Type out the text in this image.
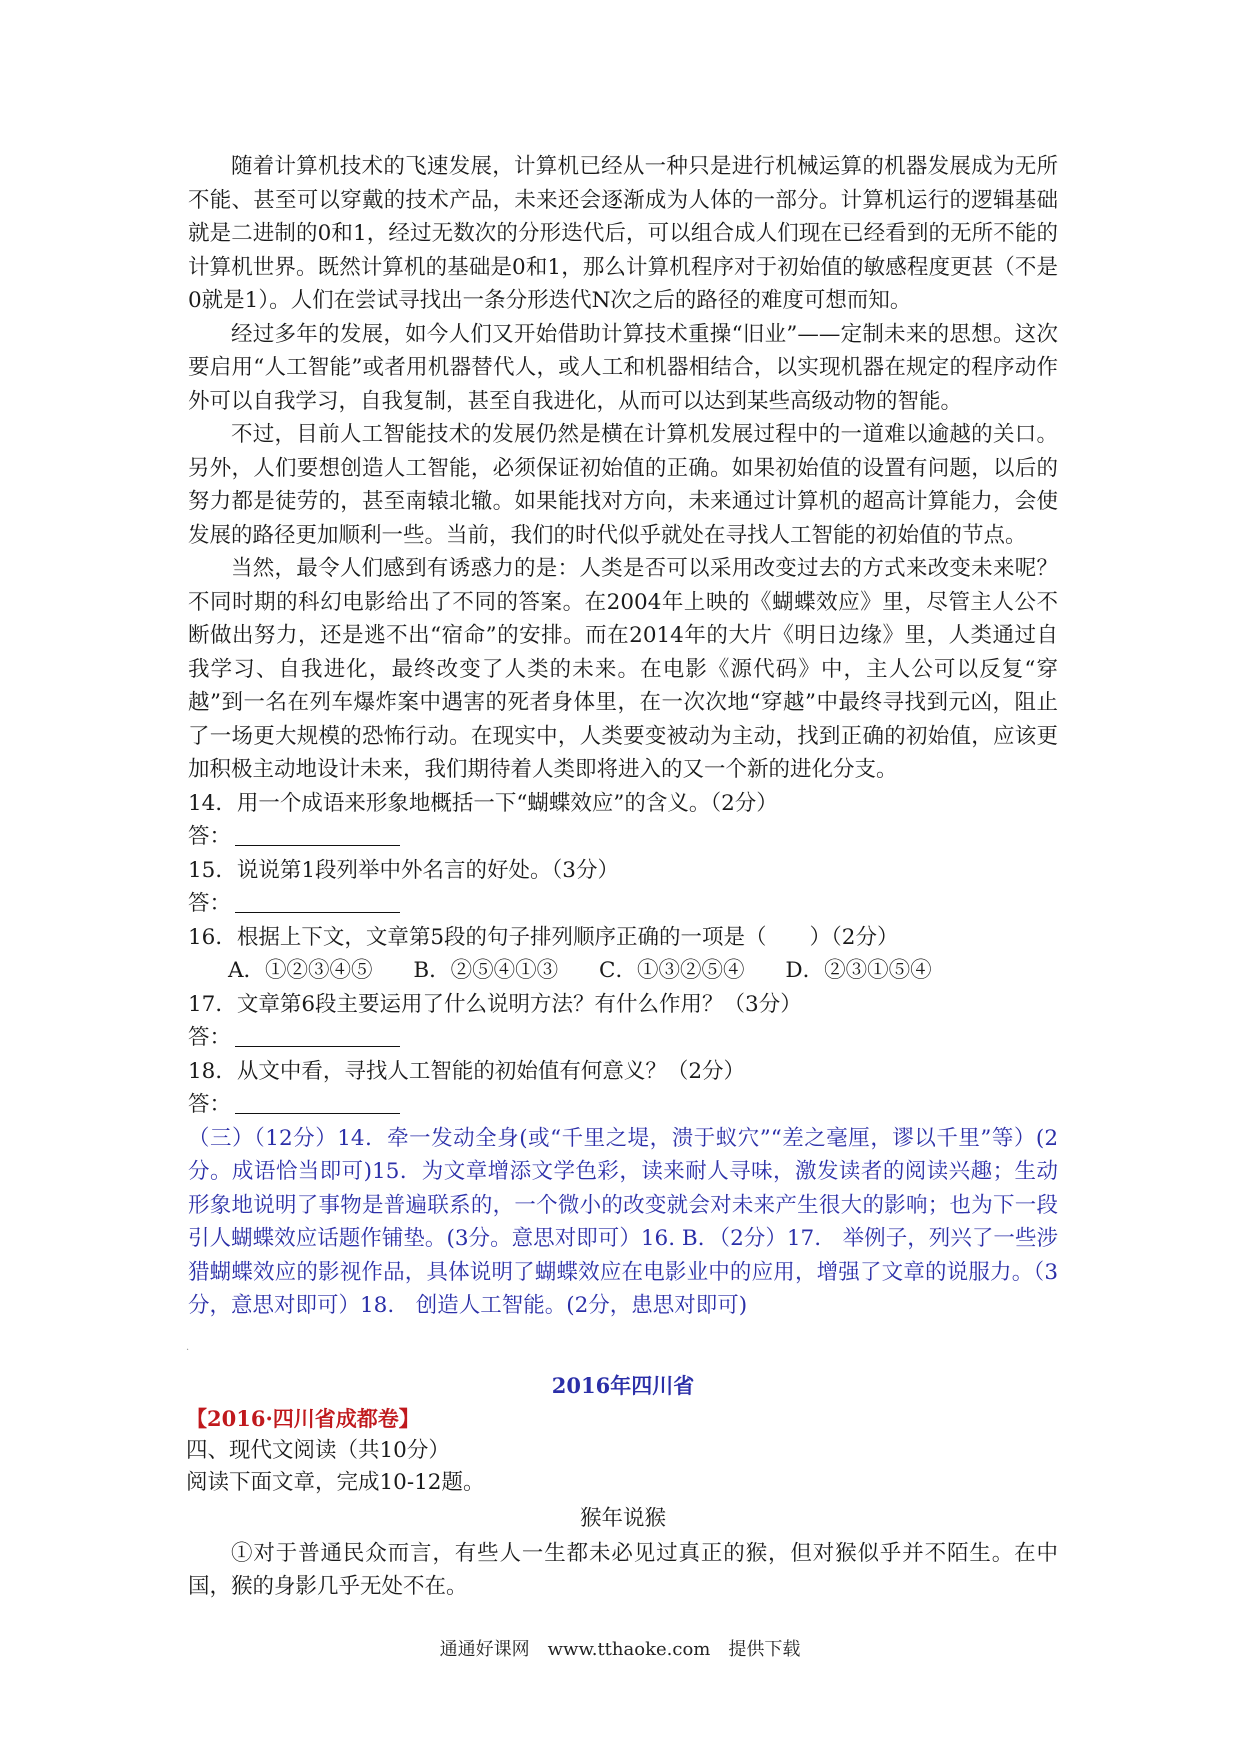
随着计算机技术的飞速发展，计算机已经从一种只是进行机械运算的机器发展成为无所不能、甚至可以穿戴的技术产品，未来还会逐渐成为人体的一部分。计算机运行的逻辑基础就是二进制的0和1，经过无数次的分形迭代后，可以组合成人们现在已经看到的无所不能的计算机世界。既然计算机的基础是0和1，那么计算机程序对于初始值的敏感程度更甚（不是0就是1）。人们在尝试寻找出一条分形迭代N次之后的路径的难度可想而知。

经过多年的发展，如今人们又开始借助计算技术重操“旧业”——定制未来的思想。这次要启用“人工智能”或者用机器替代人，或人工和机器相结合，以实现机器在规定的程序动作外可以自我学习，自我复制，甚至自我进化，从而可以达到某些高级动物的智能。

不过，目前人工智能技术的发展仍然是横在计算机发展过程中的一道难以逾越的关口。另外，人们要想创造人工智能，必须保证初始值的正确。如果初始值的设置有问题，以后的努力都是徒劳的，甚至南辕北辙。如果能找对方向，未来通过计算机的超高计算能力，会使发展的路径更加顺利一些。当前，我们的时代似乎就处在寻找人工智能的初始值的节点。

当然，最令人们感到有诱惑力的是：人类是否可以采用改变过去的方式来改变未来呢？不同时期的科幻电影给出了不同的答案。在2004年上映的《蝴蝶效应》里，尽管主人公不断做出努力，还是逃不出“宿命”的安排。而在2014年的大片《明日边缘》里，人类通过自我学习、自我进化，最终改变了人类的未来。在电影《源代码》中，主人公可以反复“穿越”到一名在列车爆炸案中遇害的死者身体里，在一次次地“穿越”中最终寻找到元凶，阻止了一场更大规模的恐怖行动。在现实中，人类要变被动为主动，找到正确的初始值，应该更加积极主动地设计未来，我们期待着人类即将进入的又一个新的进化分支。

14．用一个成语来形象地概括一下“蝴蝶效应”的含义。（2分）

答：

15．说说第1段列举中外名言的好处。（3分）

答：

16．根据上下文，文章第5段的句子排列顺序正确的一项是（　　）（2分）

A．①②③④⑤ B．②⑤④①③ C．①③②⑤④ D．②③①⑤④

17．文章第6段主要运用了什么说明方法？有什么作用？（3分）

答：

18．从文中看，寻找人工智能的初始值有何意义？（2分）

答：

（三）（12分）14．牵一发动全身(或“千里之堤，溃于蚁穴”“差之毫厘，谬以千里”等）(2分。成语恰当即可)15．为文章增添文学色彩，读来耐人寻味，激发读者的阅读兴趣；生动形象地说明了事物是普遍联系的，一个微小的改变就会对未来产生很大的影响；也为下一段引人蝴蝶效应话题作铺垫。(3分。意思对即可）16. B．（2分）17.　举例子，列兴了一些涉猎蝴蝶效应的影视作品，具体说明了蝴蝶效应在电影业中的应用，增强了文章的说服力。（3分，意思对即可）18.　创造人工智能。(2分，患思对即可)

·

2016年四川省

【2016·四川省成都卷】

四、现代文阅读（共10分）

阅读下面文章，完成10-12题。

猴年说猴

①对于普通民众而言，有些人一生都未必见过真正的猴，但对猴似乎并不陌生。在中国，猴的身影几乎无处不在。

通通好课网　www.tthaoke.com　提供下载
